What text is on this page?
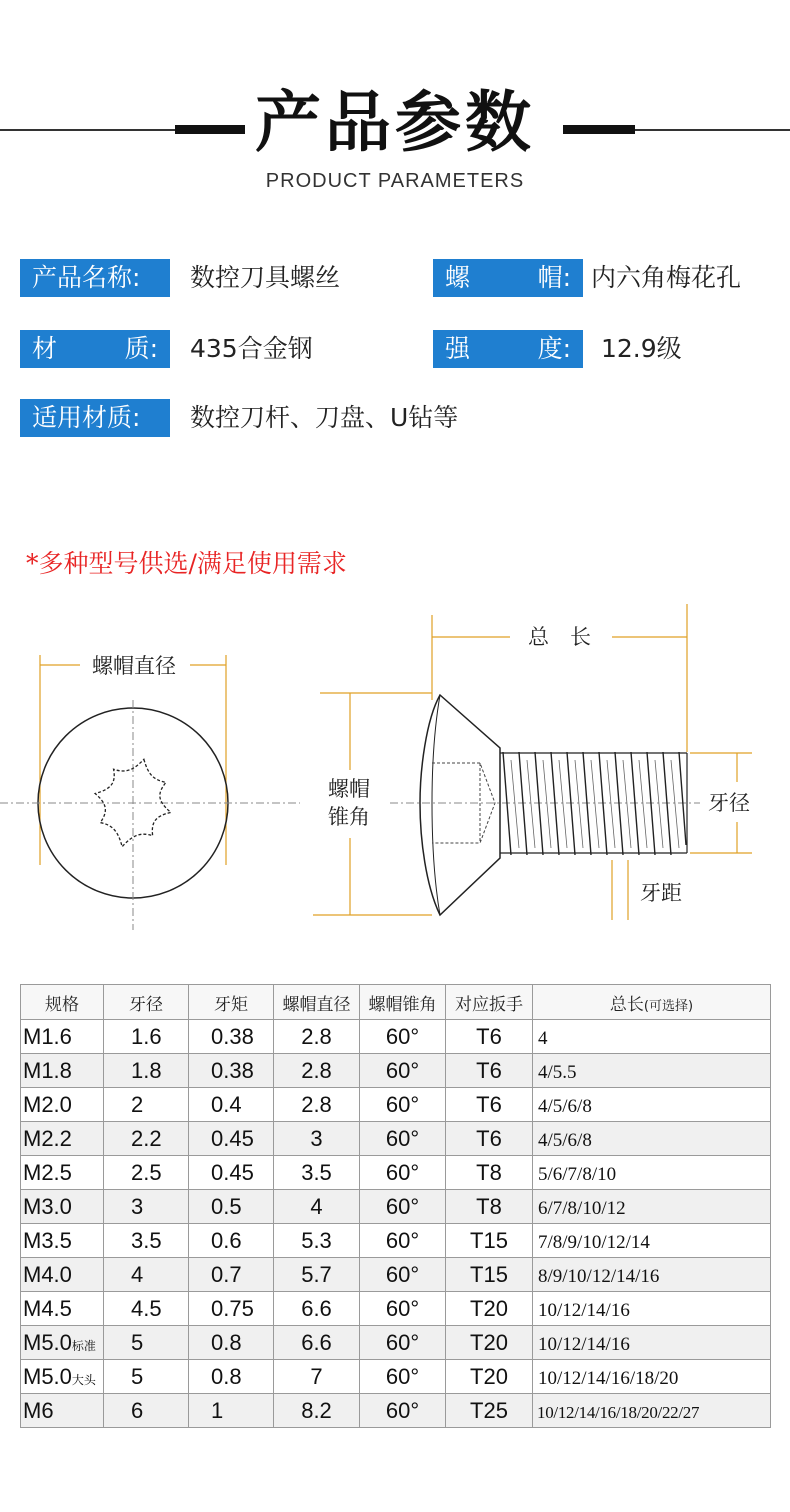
产品参数
PRODUCT PARAMETERS
产品名称:	数控刀具螺丝	螺	帽: 内六角梅花孔
材	质: 435合金钢	强	度: 12.9级
适用材质:	数控刀杆、刀盘、U钻等
*多种型号供选/满足使用需求
螺帽直径
总　长
螺帽
锥角
牙径
牙距
规格	牙径	牙矩	螺帽直径	螺帽锥角	对应扳手	总长(可选择)
M1.6	1.6	0.38	2.8	60°	T6	4
M1.8	1.8	0.38	2.8	60°	T6	4/5.5
M2.0	2	0.4	2.8	60°	T6	4/5/6/8
M2.2	2.2	0.45	3	60°	T6	4/5/6/8
M2.5	2.5	0.45	3.5	60°	T8	5/6/7/8/10
M3.0	3	0.5	4	60°	T8	6/7/8/10/12
M3.5	3.5	0.6	5.3	60°	T15	7/8/9/10/12/14
M4.0	4	0.7	5.7	60°	T15	8/9/10/12/14/16
M4.5	4.5	0.75	6.6	60°	T20	10/12/14/16
M5.0标准	5	0.8	6.6	60°	T20	10/12/14/16
M5.0大头	5	0.8	7	60°	T20	10/12/14/16/18/20
M6	6	1	8.2	60°	T25	10/12/14/16/18/20/22/27
